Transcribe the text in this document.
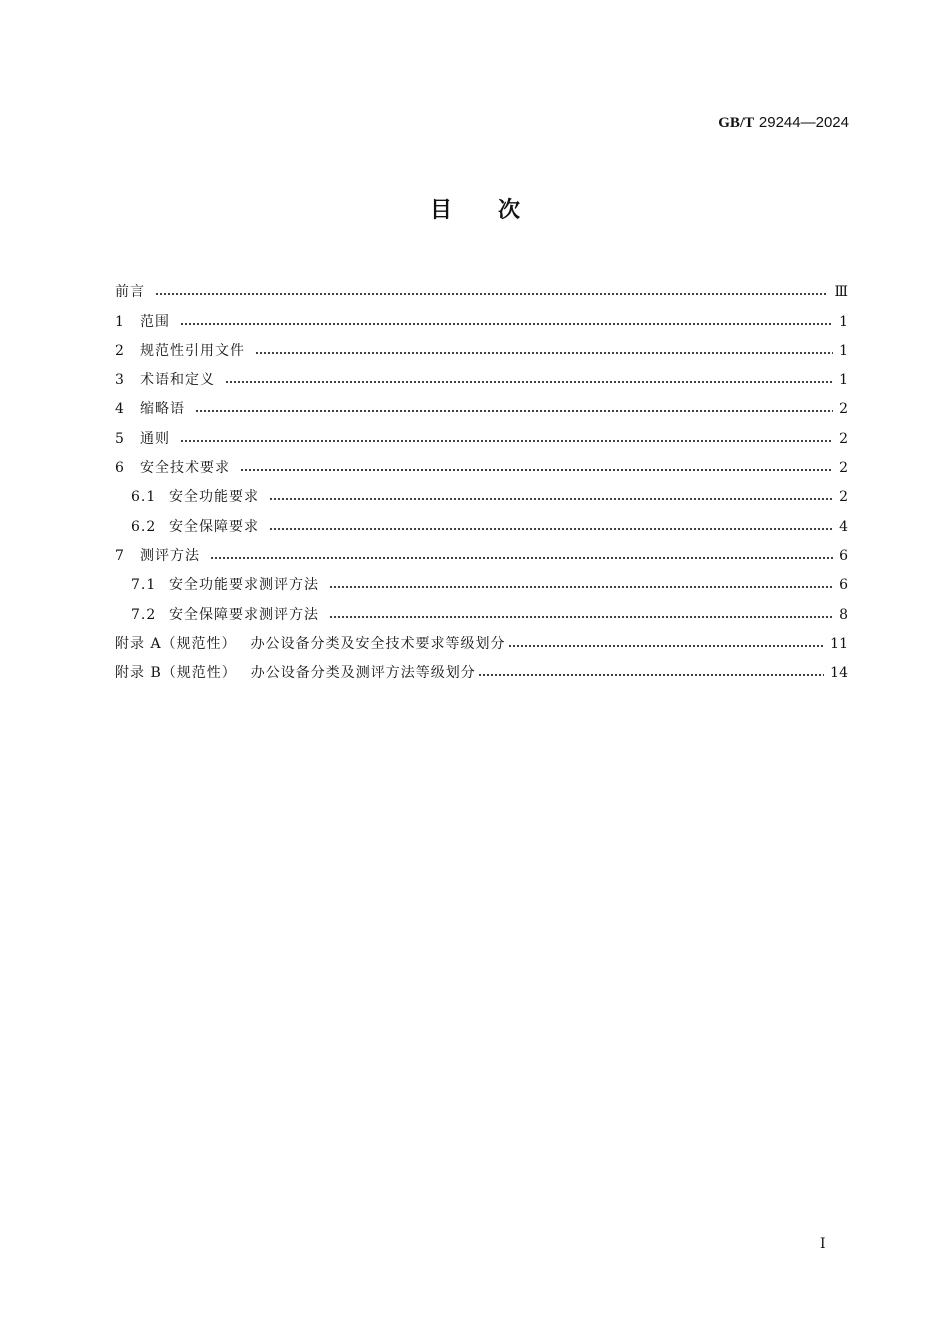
GB/T 29244—2024
目次
前言	Ⅲ
1	范围	1
2	规范性引用文件	1
3	术语和定义	1
4	缩略语	2
5	通则	2
6	安全技术要求	2
6.1 安全功能要求	2
6.2 安全保障要求	4
7	测评方法	6
7.1 安全功能要求测评方法	6
7.2 安全保障要求测评方法	8
附录 A（规范性） 办公设备分类及安全技术要求等级划分	11
附录 B（规范性） 办公设备分类及测评方法等级划分	14
I
